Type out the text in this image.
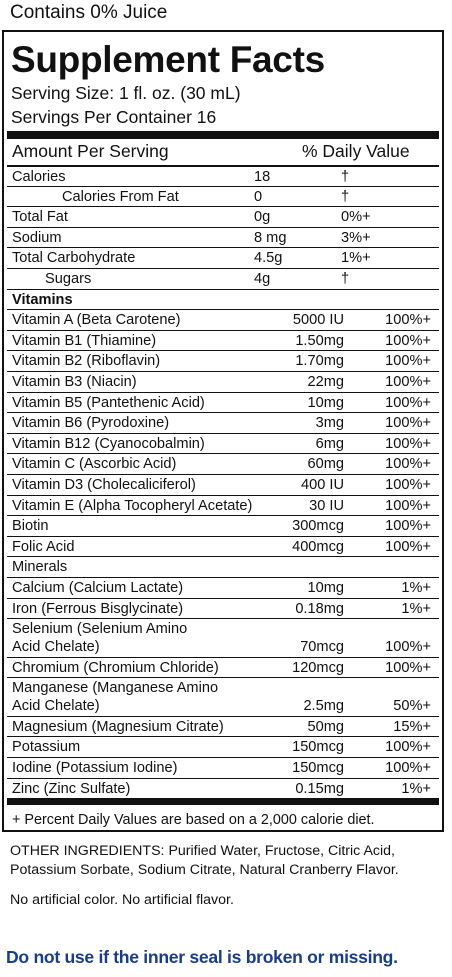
Contains 0% Juice
Supplement Facts
Serving Size: 1 fl. oz. (30 mL)
Servings Per Container 16
Amount Per Serving	% Daily Value
Calories	18	†
Calories From Fat	0	†
Total Fat	0g	0%+
Sodium	8 mg	3%+
Total Carbohydrate	4.5g	1%+
Sugars	4g	†
Vitamins
Vitamin A (Beta Carotene)	5000 IU	100%+
Vitamin B1 (Thiamine)	1.50mg	100%+
Vitamin B2 (Riboflavin)	1.70mg	100%+
Vitamin B3 (Niacin)	22mg	100%+
Vitamin B5 (Pantethenic Acid)	10mg	100%+
Vitamin B6 (Pyrodoxine)	3mg	100%+
Vitamin B12 (Cyanocobalmin)	6mg	100%+
Vitamin C (Ascorbic Acid)	60mg	100%+
Vitamin D3 (Cholecaliciferol)	400 IU	100%+
Vitamin E (Alpha Tocopheryl Acetate)	30 IU	100%+
Biotin	300mcg	100%+
Folic Acid	400mcg	100%+
Minerals
Calcium (Calcium Lactate)	10mg	1%+
Iron (Ferrous Bisglycinate)	0.18mg	1%+
Selenium (Selenium Amino
Acid Chelate)	70mcg	100%+
Chromium (Chromium Chloride)	120mcg	100%+
Manganese (Manganese Amino
Acid Chelate)	2.5mg	50%+
Magnesium (Magnesium Citrate)	50mg	15%+
Potassium	150mcg	100%+
Iodine (Potassium Iodine)	150mcg	100%+
Zinc (Zinc Sulfate)	0.15mg	1%+
+ Percent Daily Values are based on a 2,000 calorie diet.
OTHER INGREDIENTS: Purified Water, Fructose, Citric Acid,
Potassium Sorbate, Sodium Citrate, Natural Cranberry Flavor.
No artificial color. No artificial flavor.
Do not use if the inner seal is broken or missing.
